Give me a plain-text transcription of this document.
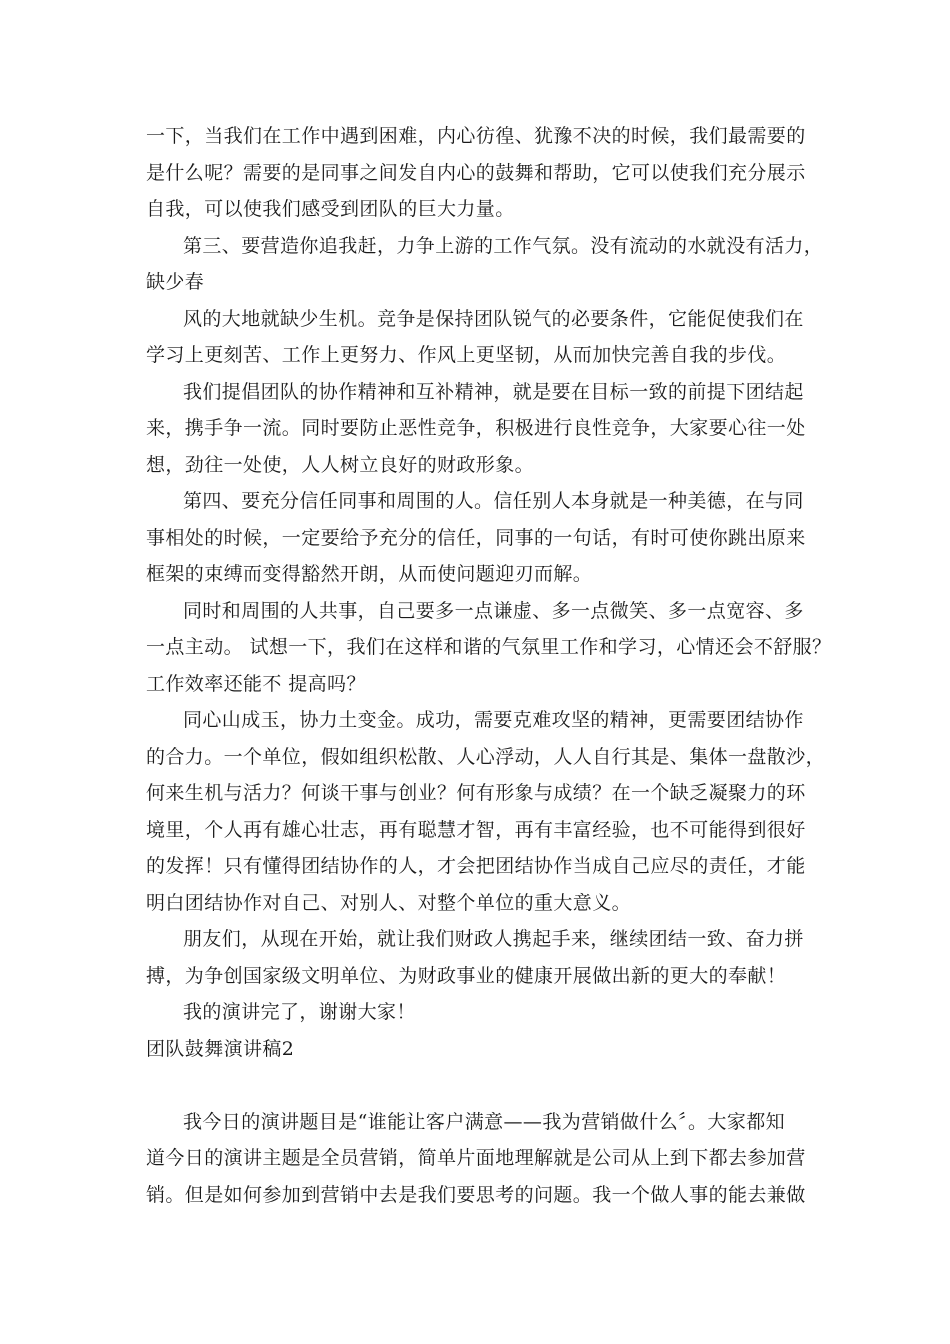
一下，当我们在工作中遇到困难，内心彷徨、犹豫不决的时候，我们最需要的
是什么呢？需要的是同事之间发自内心的鼓舞和帮助，它可以使我们充分展示
自我，可以使我们感受到团队的巨大力量。
第三、要营造你追我赶，力争上游的工作气氛。没有流动的水就没有活力，
缺少春
风的大地就缺少生机。竞争是保持团队锐气的必要条件，它能促使我们在
学习上更刻苦、工作上更努力、作风上更坚韧，从而加快完善自我的步伐。
我们提倡团队的协作精神和互补精神，就是要在目标一致的前提下团结起
来，携手争一流。同时要防止恶性竞争，积极进行良性竞争，大家要心往一处
想，劲往一处使，人人树立良好的财政形象。
第四、要充分信任同事和周围的人。信任别人本身就是一种美德，在与同
事相处的时候，一定要给予充分的信任，同事的一句话，有时可使你跳出原来
框架的束缚而变得豁然开朗，从而使问题迎刃而解。
同时和周围的人共事，自己要多一点谦虚、多一点微笑、多一点宽容、多
一点主动。 试想一下，我们在这样和谐的气氛里工作和学习，心情还会不舒服？
工作效率还能不 提高吗？
同心山成玉，协力土变金。成功，需要克难攻坚的精神，更需要团结协作
的合力。一个单位，假如组织松散、人心浮动，人人自行其是、集体一盘散沙，
何来生机与活力？何谈干事与创业？何有形象与成绩？在一个缺乏凝聚力的环
境里，个人再有雄心壮志，再有聪慧才智，再有丰富经验，也不可能得到很好
的发挥！只有懂得团结协作的人，才会把团结协作当成自己应尽的责任，才能
明白团结协作对自己、对别人、对整个单位的重大意义。
朋友们，从现在开始，就让我们财政人携起手来，继续团结一致、奋力拼
搏，为争创国家级文明单位、为财政事业的健康开展做出新的更大的奉献！
我的演讲完了，谢谢大家！
团队鼓舞演讲稿2
我今日的演讲题目是“谁能让客户满意——我为营销做什么〞。大家都知
道今日的演讲主题是全员营销，简单片面地理解就是公司从上到下都去参加营
销。但是如何参加到营销中去是我们要思考的问题。我一个做人事的能去兼做
